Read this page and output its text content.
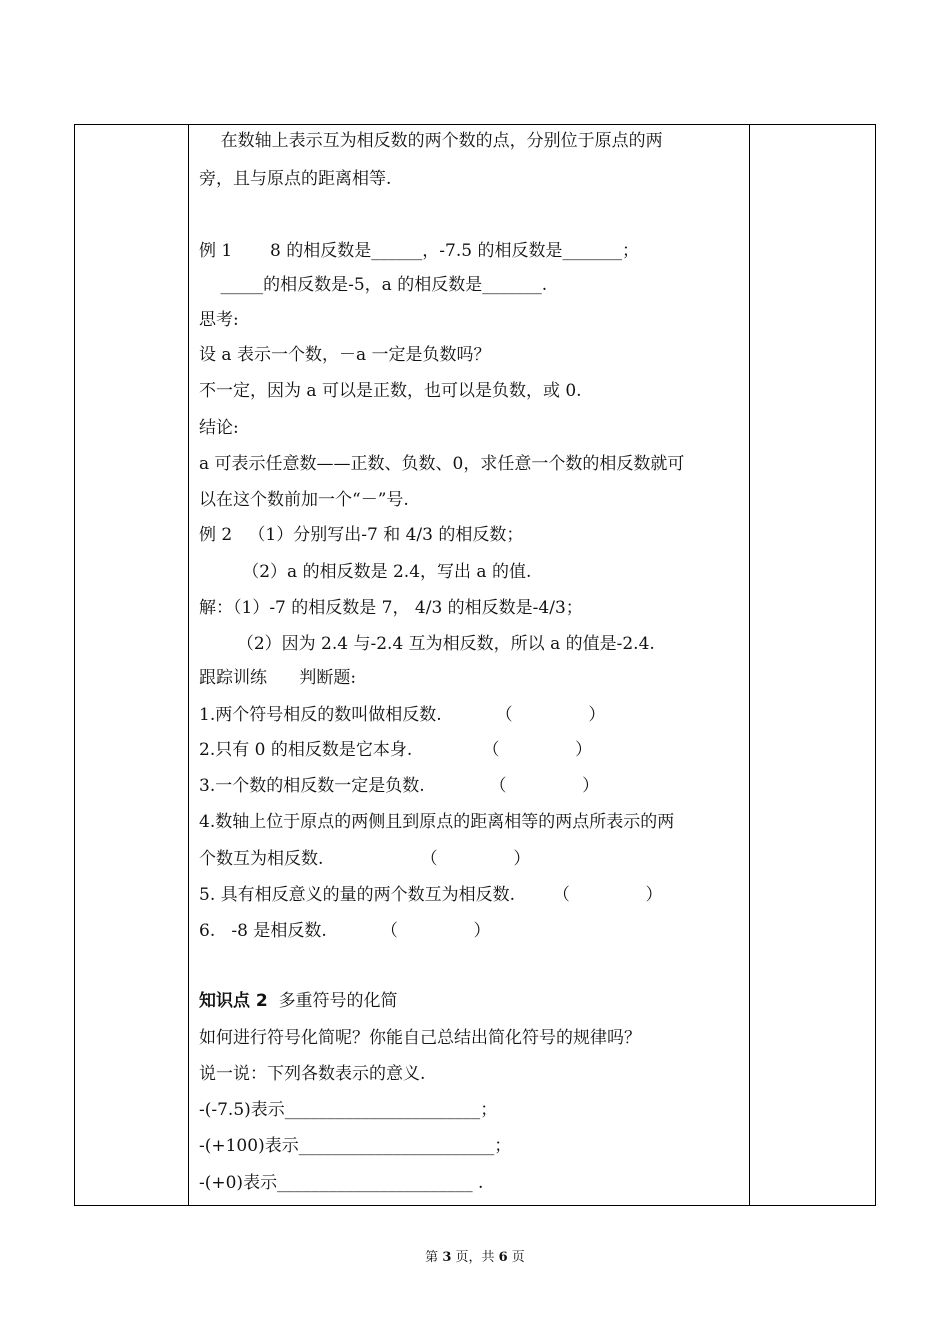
在数轴上表示互为相反数的两个数的点，分别位于原点的两
旁，且与原点的距离相等.
例 1       8 的相反数是______，-7.5 的相反数是_______；
_____的相反数是-5，a 的相反数是_______.
思考:
设 a 表示一个数，－a 一定是负数吗？
不一定，因为 a 可以是正数，也可以是负数，或 0.
结论:
a 可表示任意数——正数、负数、0，求任意一个数的相反数就可
以在这个数前加一个“－”号.
例 2   （1）分别写出-7 和 4/3 的相反数；
（2）a 的相反数是 2.4，写出 a 的值.
解：（1）-7 的相反数是 7， 4/3 的相反数是-4/3；
（2）因为 2.4 与-2.4 互为相反数，所以 a 的值是-2.4.
跟踪训练      判断题:
1.两个符号相反的数叫做相反数.          （              ）
2.只有 0 的相反数是它本身.             （              ）
3.一个数的相反数一定是负数.            （              ）
4.数轴上位于原点的两侧且到原点的距离相等的两点所表示的两
个数互为相反数.                  （              ）
5. 具有相反意义的量的两个数互为相反数.       （              ）
6.   -8 是相反数.          （              ）
知识点 2 多重符号的化简
如何进行符号化简呢？你能自己总结出简化符号的规律吗？
说一说：下列各数表示的意义.
-(-7.5)表示_______________________；
-(+100)表示_______________________；
-(+0)表示_______________________ .
第 3 页，共 6 页
